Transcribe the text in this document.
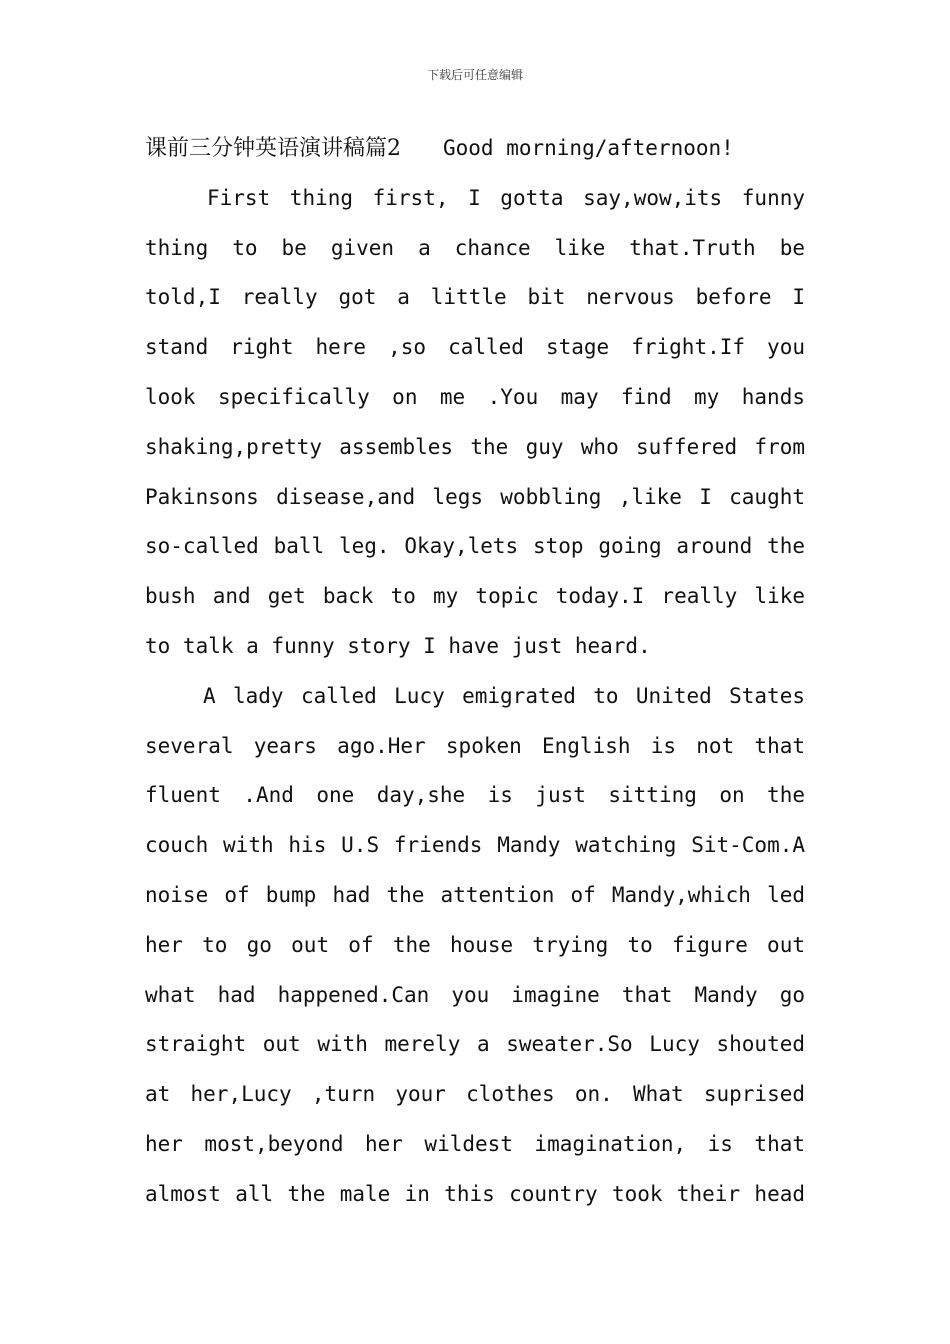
下载后可任意编辑
课前三分钟英语演讲稿篇2 Good morning/afternoon!
First thing first, I gotta say,wow,its funny
thing to be given a chance like that.Truth be
told,I really got a little bit nervous before I
stand right here ,so called stage fright.If you
look specifically on me .You may find my hands
shaking,pretty assembles the guy who suffered from
Pakinsons disease,and legs wobbling ,like I caught
so-called ball leg. Okay,lets stop going around the
bush and get back to my topic today.I really like
to talk a funny story I have just heard.
A lady called Lucy emigrated to United States
several years ago.Her spoken English is not that
fluent .And one day,she is just sitting on the
couch with his U.S friends Mandy watching Sit-Com.A
noise of bump had the attention of Mandy,which led
her to go out of the house trying to figure out
what had happened.Can you imagine that Mandy go
straight out with merely a sweater.So Lucy shouted
at her,Lucy ,turn your clothes on. What suprised
her most,beyond her wildest imagination, is that
almost all the male in this country took their head
